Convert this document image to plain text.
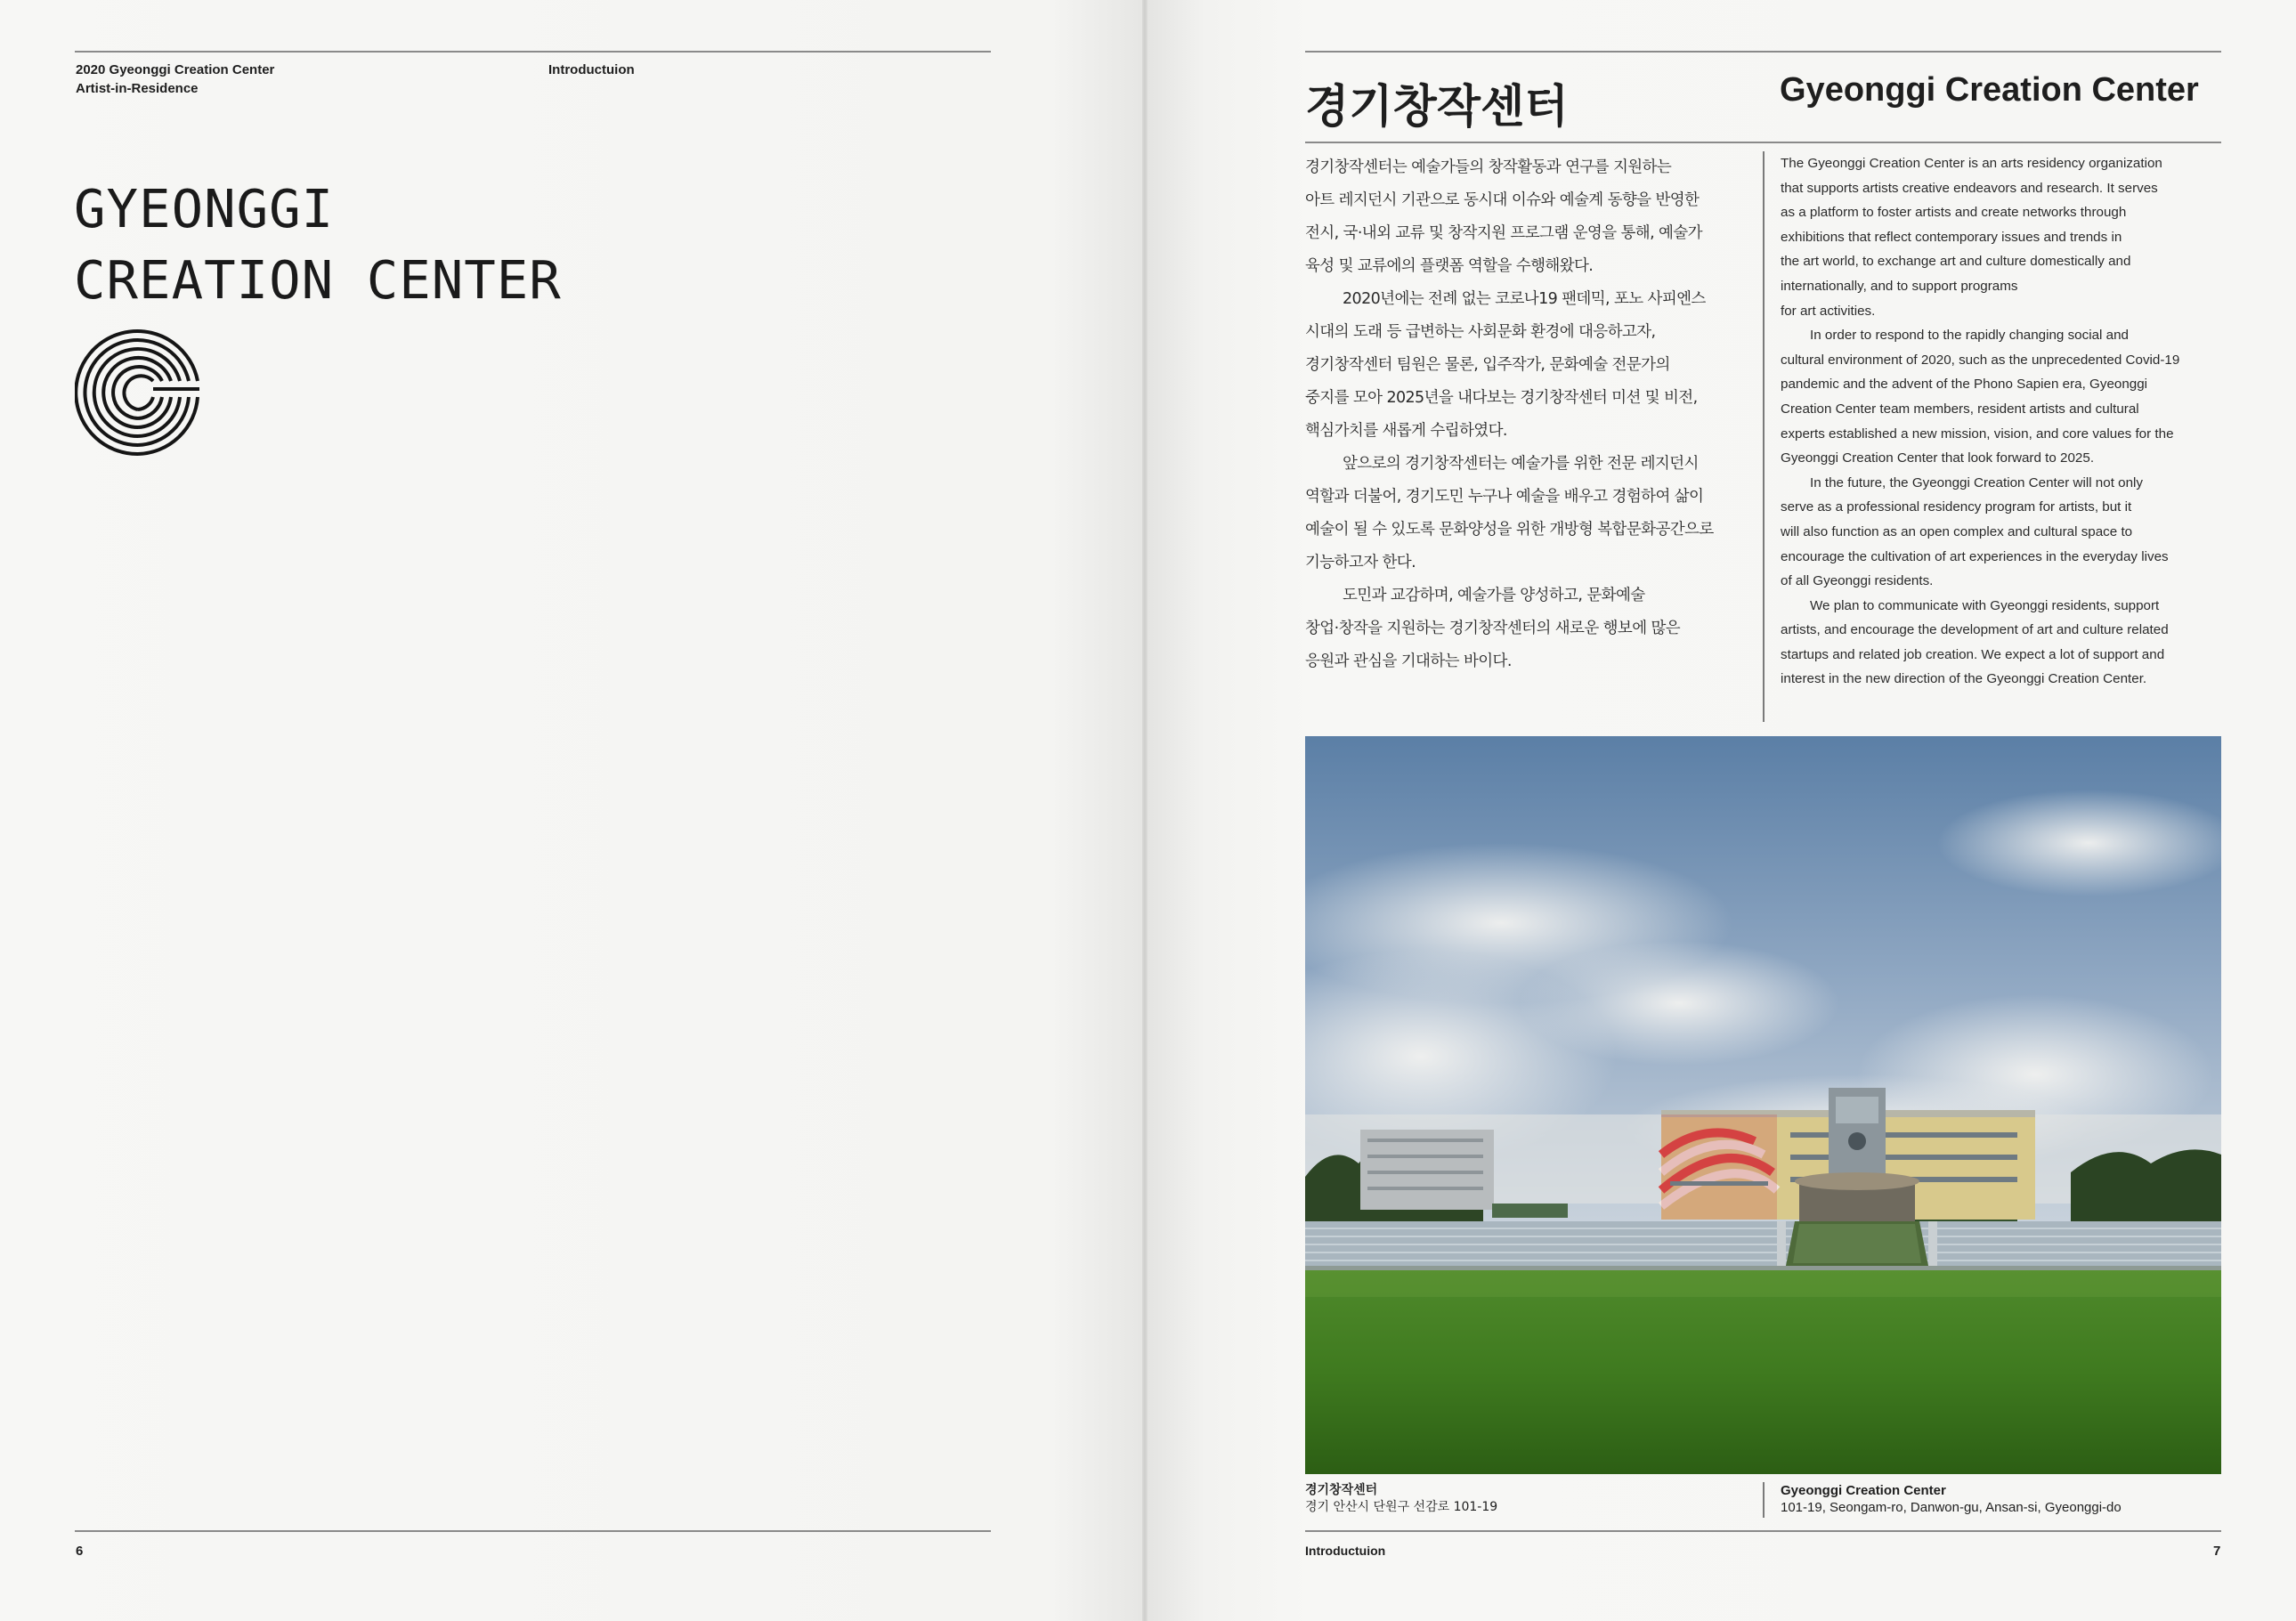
2020 Gyeonggi Creation Center
Artist-in-Residence
Introductuion
GYEONGGI
CREATION CENTER
6
경기창작센터	Gyeonggi Creation Center

경기창작센터는 예술가들의 창작활동과 연구를 지원하는
아트 레지던시 기관으로 동시대 이슈와 예술계 동향을 반영한
전시, 국·내외 교류 및 창작지원 프로그램 운영을 통해, 예술가
육성 및 교류에의 플랫폼 역할을 수행해왔다.

2020년에는 전례 없는 코로나19 팬데믹, 포노 사피엔스
시대의 도래 등 급변하는 사회문화 환경에 대응하고자,
경기창작센터 팀원은 물론, 입주작가, 문화예술 전문가의
중지를 모아 2025년을 내다보는 경기창작센터 미션 및 비전,
핵심가치를 새롭게 수립하였다.

앞으로의 경기창작센터는 예술가를 위한 전문 레지던시
역할과 더불어, 경기도민 누구나 예술을 배우고 경험하여 삶이
예술이 될 수 있도록 문화양성을 위한 개방형 복합문화공간으로
기능하고자 한다.

도민과 교감하며, 예술가를 양성하고, 문화예술
창업·창작을 지원하는 경기창작센터의 새로운 행보에 많은
응원과 관심을 기대하는 바이다.

The Gyeonggi Creation Center is an arts residency organization
that supports artists creative endeavors and research. It serves
as a platform to foster artists and create networks through
exhibitions that reflect contemporary issues and trends in
the art world, to exchange art and culture domestically and
internationally, and to support programs
for art activities.

In order to respond to the rapidly changing social and
cultural environment of 2020, such as the unprecedented Covid-19
pandemic and the advent of the Phono Sapien era, Gyeonggi
Creation Center team members, resident artists and cultural
experts established a new mission, vision, and core values for the
Gyeonggi Creation Center that look forward to 2025.

In the future, the Gyeonggi Creation Center will not only
serve as a professional residency program for artists, but it
will also function as an open complex and cultural space to
encourage the cultivation of art experiences in the everyday lives
of all Gyeonggi residents.

We plan to communicate with Gyeonggi residents, support
artists, and encourage the development of art and culture related
startups and related job creation. We expect a lot of support and
interest in the new direction of the Gyeonggi Creation Center.

경기창작센터
경기 안산시 단원구 선감로 101-19
Gyeonggi Creation Center
101-19, Seongam-ro, Danwon-gu, Ansan-si, Gyeonggi-do
Introductuion	7
